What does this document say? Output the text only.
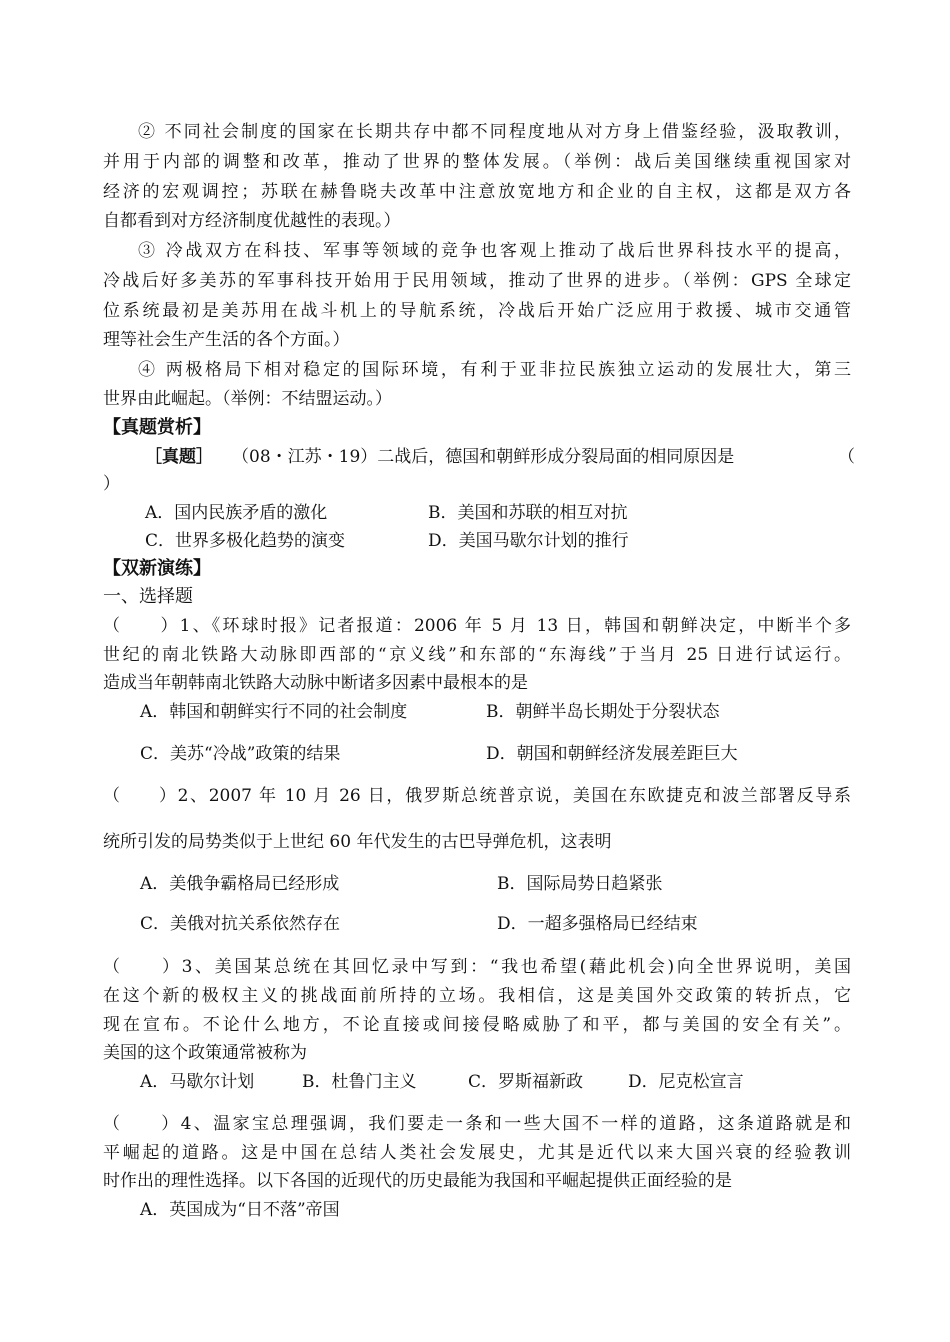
② 不同社会制度的国家在长期共存中都不同程度地从对方身上借鉴经验，汲取教训，
并用于内部的调整和改革，推动了世界的整体发展。（举例：战后美国继续重视国家对
经济的宏观调控；苏联在赫鲁晓夫改革中注意放宽地方和企业的自主权，这都是双方各
自都看到对方经济制度优越性的表现。）
③ 冷战双方在科技、军事等领域的竞争也客观上推动了战后世界科技水平的提高，
冷战后好多美苏的军事科技开始用于民用领域，推动了世界的进步。（举例：GPS 全球定
位系统最初是美苏用在战斗机上的导航系统，冷战后开始广泛应用于救援、城市交通管
理等社会生产生活的各个方面。）
④ 两极格局下相对稳定的国际环境，有利于亚非拉民族独立运动的发展壮大，第三
世界由此崛起。（举例：不结盟运动。）
【真题赏析】
［真题］ （08・江苏・19）二战后，德国和朝鲜形成分裂局面的相同原因是	（
）
A．国内民族矛盾的激化	B．美国和苏联的相互对抗
C．世界多极化趋势的演变	D．美国马歇尔计划的推行
【双新演练】
一、选择题
（　　）1、《环球时报》记者报道：2006 年 5 月 13 日，韩国和朝鲜决定，中断半个多
世纪的南北铁路大动脉即西部的“京义线”和东部的“东海线”于当月 25 日进行试运行。
造成当年朝韩南北铁路大动脉中断诸多因素中最根本的是
A．韩国和朝鲜实行不同的社会制度	B．朝鲜半岛长期处于分裂状态
C．美苏“冷战”政策的结果	D．朝国和朝鲜经济发展差距巨大
（　　）2、2007 年 10 月 26 日，俄罗斯总统普京说，美国在东欧捷克和波兰部署反导系
统所引发的局势类似于上世纪 60 年代发生的古巴导弹危机，这表明
A．美俄争霸格局已经形成	B．国际局势日趋紧张
C．美俄对抗关系依然存在	D．一超多强格局已经结束
（　　）3、美国某总统在其回忆录中写到：“我也希望(藉此机会)向全世界说明，美国
在这个新的极权主义的挑战面前所持的立场。我相信，这是美国外交政策的转折点，它
现在宣布。不论什么地方，不论直接或间接侵略威胁了和平，都与美国的安全有关”。
美国的这个政策通常被称为
A．马歇尔计划	B．杜鲁门主义	C．罗斯福新政	D．尼克松宣言
（　　）4、温家宝总理强调，我们要走一条和一些大国不一样的道路，这条道路就是和
平崛起的道路。这是中国在总结人类社会发展史，尤其是近代以来大国兴衰的经验教训
时作出的理性选择。以下各国的近现代的历史最能为我国和平崛起提供正面经验的是
A．英国成为“日不落”帝国
